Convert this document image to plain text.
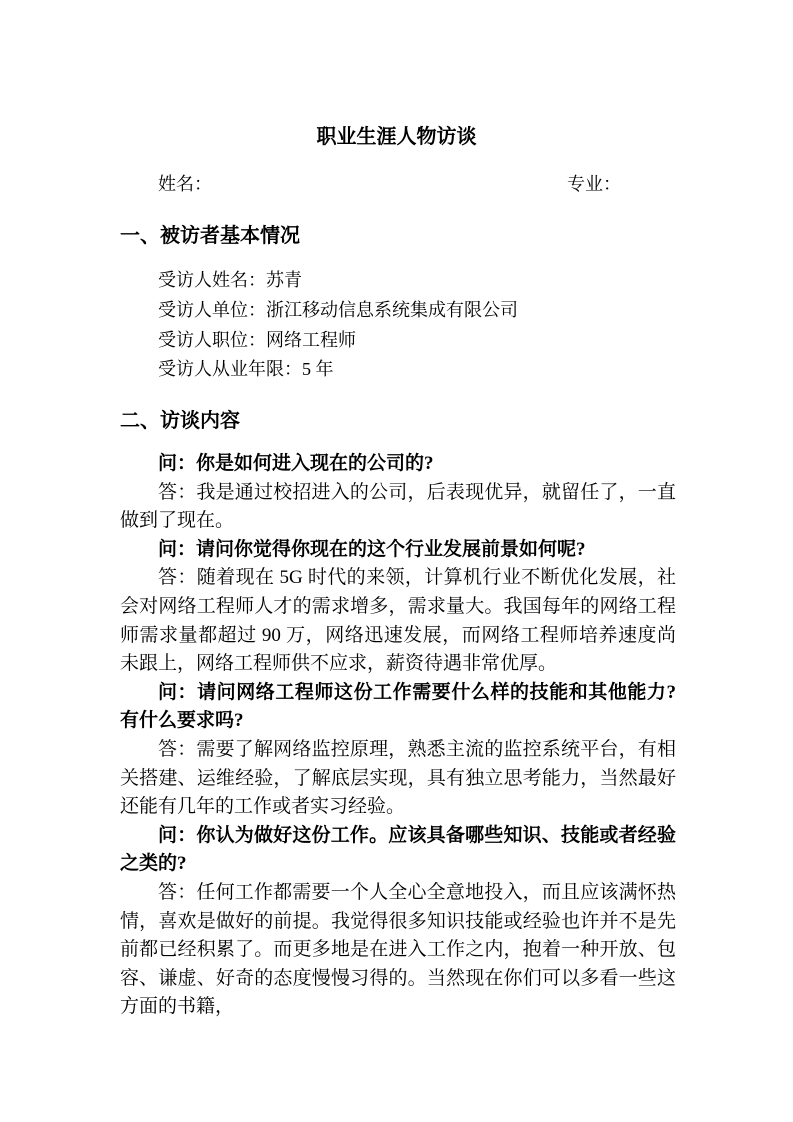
职业生涯人物访谈
姓名：	专业：
一、被访者基本情况
受访人姓名：苏青
受访人单位：浙江移动信息系统集成有限公司
受访人职位：网络工程师
受访人从业年限：5 年
二、访谈内容

问：你是如何进入现在的公司的?

答：我是通过校招进入的公司，后表现优异，就留任了，一直做到了现在。

问：请问你觉得你现在的这个行业发展前景如何呢?

答：随着现在 5G 时代的来领，计算机行业不断优化发展，社会对网络工程师人才的需求增多，需求量大。我国每年的网络工程师需求量都超过 90 万，网络迅速发展，而网络工程师培养速度尚未跟上，网络工程师供不应求，薪资待遇非常优厚。

问：请问网络工程师这份工作需要什么样的技能和其他能力?有什么要求吗?

答：需要了解网络监控原理，熟悉主流的监控系统平台，有相关搭建、运维经验，了解底层实现，具有独立思考能力，当然最好还能有几年的工作或者实习经验。

问：你认为做好这份工作。应该具备哪些知识、技能或者经验之类的?

答：任何工作都需要一个人全心全意地投入，而且应该满怀热情，喜欢是做好的前提。我觉得很多知识技能或经验也许并不是先前都已经积累了。而更多地是在进入工作之内，抱着一种开放、包容、谦虚、好奇的态度慢慢习得的。当然现在你们可以多看一些这方面的书籍，
